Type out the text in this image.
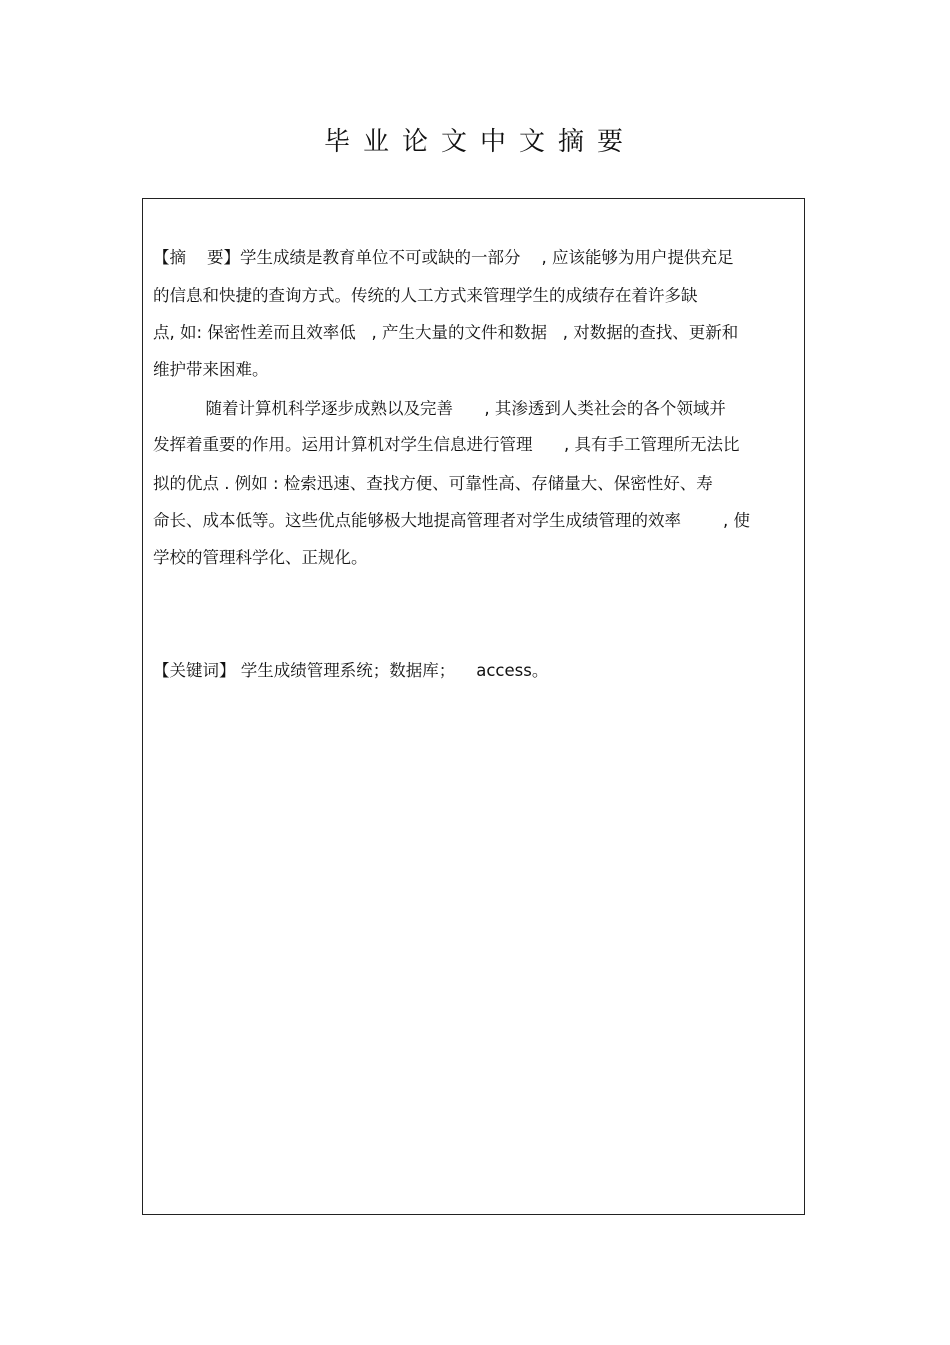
毕业论文中文摘要
【摘    要】学生成绩是教育单位不可或缺的一部分    , 应该能够为用户提供充足
的信息和快捷的查询方式。传统的人工方式来管理学生的成绩存在着许多缺
点, 如: 保密性差而且效率低   , 产生大量的文件和数据   , 对数据的查找、更新和
维护带来困难。
随着计算机科学逐步成熟以及完善      , 其渗透到人类社会的各个领域并
发挥着重要的作用。运用计算机对学生信息进行管理      , 具有手工管理所无法比
拟的优点 . 例如 : 检索迅速、查找方便、可靠性高、存储量大、保密性好、寿
命长、成本低等。这些优点能够极大地提高管理者对学生成绩管理的效率        , 使
学校的管理科学化、正规化。
【关键词】 学生成绩管理系统；数据库；    access。
